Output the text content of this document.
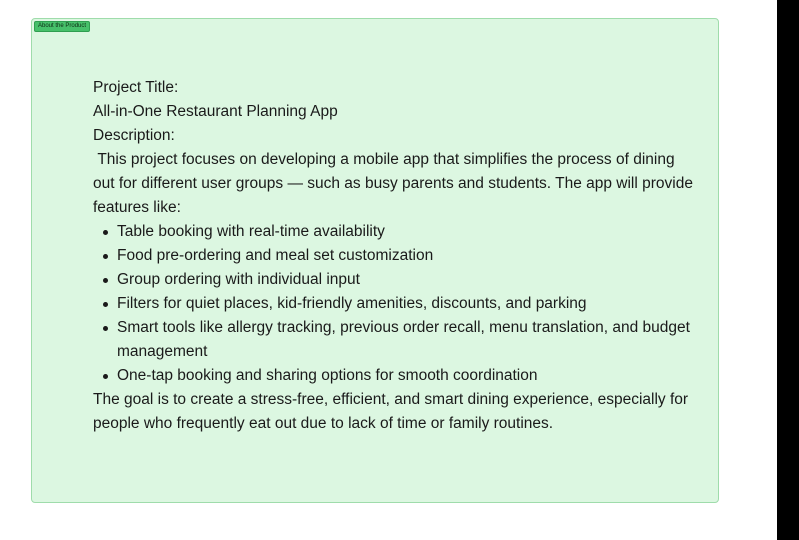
About the Product

Project Title:

All-in-One Restaurant Planning App

Description:

This project focuses on developing a mobile app that simplifies the process of dining out for different user groups — such as busy parents and students. The app will provide features like:

Table booking with real-time availability
Food pre-ordering and meal set customization
Group ordering with individual input
Filters for quiet places, kid-friendly amenities, discounts, and parking
Smart tools like allergy tracking, previous order recall, menu translation, and budget management
One-tap booking and sharing options for smooth coordination

The goal is to create a stress-free, efficient, and smart dining experience, especially for people who frequently eat out due to lack of time or family routines.
